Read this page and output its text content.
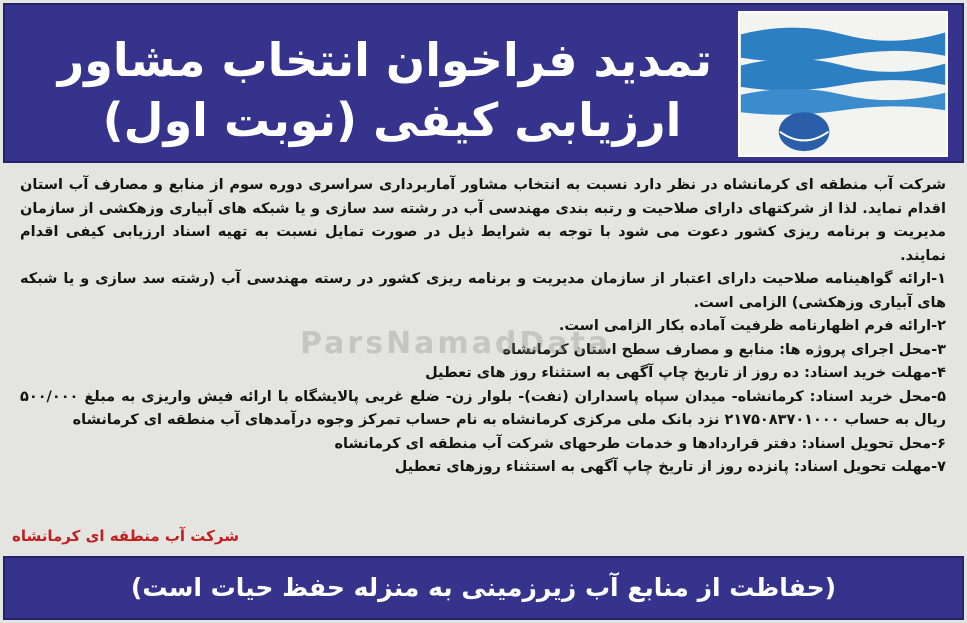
تمدید فراخوان انتخاب مشاور
ارزیابی کیفی (نوبت اول)

شرکت آب منطقه ای کرمانشاه در نظر دارد نسبت به انتخاب مشاور آماربرداری سراسری دوره سوم از منابع و مصارف آب استان اقدام نماید. لذا از شرکتهای دارای صلاحیت و رتبه بندی مهندسی آب در رشته سد سازی و یا شبکه های آبیاری وزهکشی از سازمان مدیریت و برنامه ریزی کشور دعوت می شود با توجه به شرایط ذیل در صورت تمایل نسبت به تهیه اسناد ارزیابی کیفی اقدام نمایند.

۱-ارائه گواهینامه صلاحیت دارای اعتبار از سازمان مدیریت و برنامه ریزی کشور در رسته مهندسی آب (رشته سد سازی و یا شبکه های آبیاری وزهکشی) الزامی است.

۲-ارائه فرم اظهارنامه ظرفیت آماده بکار الزامی است.

۳-محل اجرای پروژه ها: منابع و مصارف سطح استان کرمانشاه

۴-مهلت خرید اسناد: ده روز از تاریخ چاپ آگهی به استثناء روز های تعطیل

۵-محل خرید اسناد: کرمانشاه- میدان سپاه پاسداران (نفت)- بلوار زن- ضلع غربی پالایشگاه با ارائه فیش واریزی به مبلغ ۵۰۰/۰۰۰ ریال به حساب ۲۱۷۵۰۸۳۷۰۱۰۰۰ نزد بانک ملی مرکزی کرمانشاه به نام حساب تمرکز وجوه درآمدهای آب منطقه ای کرمانشاه

۶-محل تحویل اسناد: دفتر قراردادها و خدمات طرحهای شرکت آب منطقه ای کرمانشاه

۷-مهلت تحویل اسناد: پانزده روز از تاریخ چاپ آگهی به استثناء روزهای تعطیل

ParsNamadData
شرکت آب منطقه ای کرمانشاه
(حفاظت از منابع آب زیرزمینی به منزله حفظ حیات است)
